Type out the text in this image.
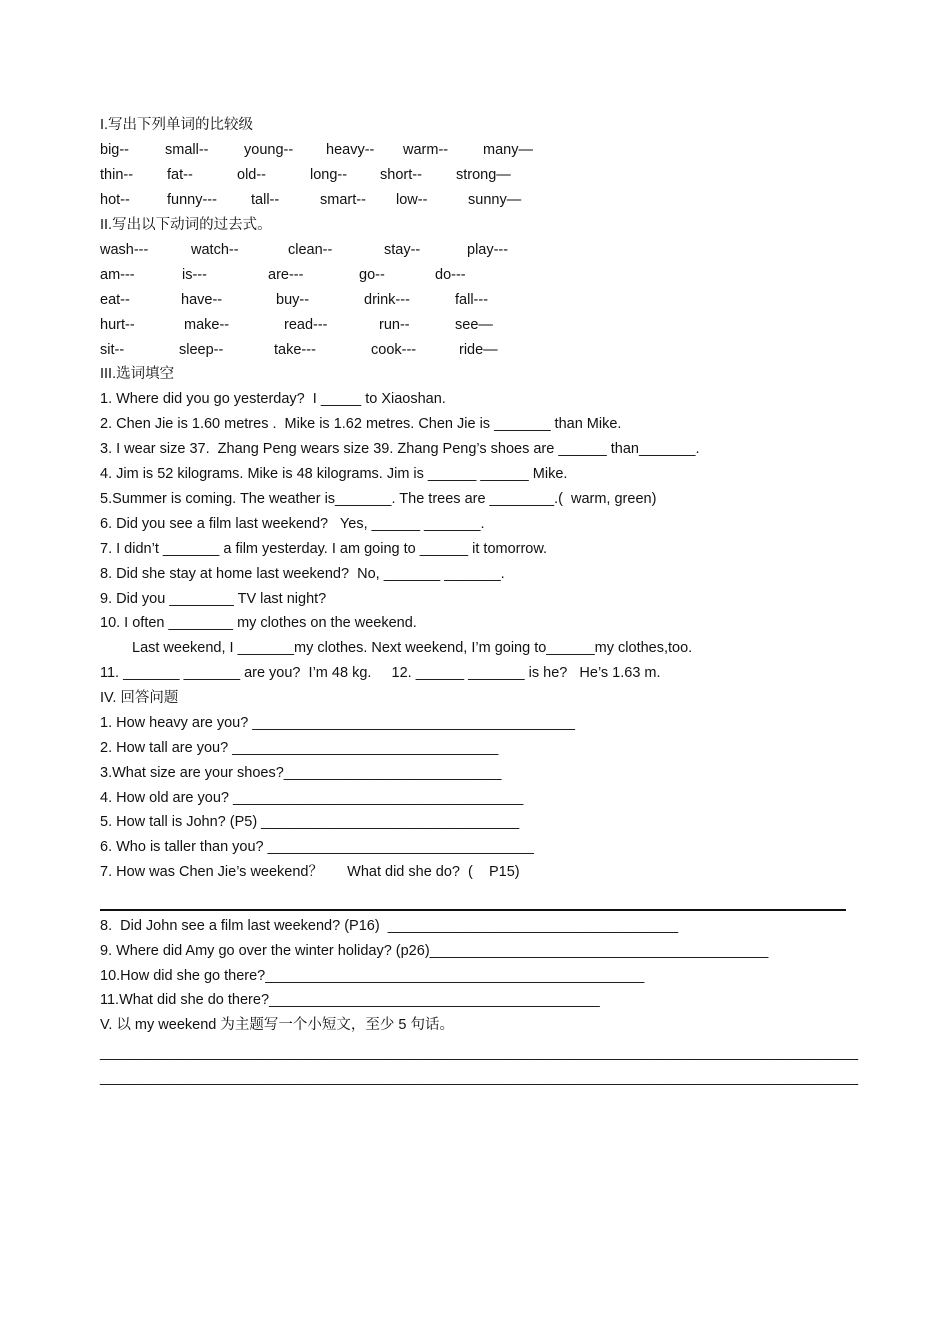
I.写出下列单词的比较级
big-- small-- young-- heavy-- warm-- many—
thin-- fat--	old--	long-- short-- strong—
hot--	funny--- tall--	smart-- low--	sunny—
II.写出以下动词的过去式。
wash---	watch--	clean--	stay--	play---
am---	is---	are---	go--	do---
eat--	have--	buy--	drink---	fall---
hurt--	make--	read---	run--	see—
sit--	sleep--	take---	cook---	ride—
III.选词填空
1. Where did you go yesterday?  I _____ to Xiaoshan.
2. Chen Jie is 1.60 metres .  Mike is 1.62 metres. Chen Jie is _______ than Mike.
3. I wear size 37.  Zhang Peng wears size 39. Zhang Peng’s shoes are ______ than_______.
4. Jim is 52 kilograms. Mike is 48 kilograms. Jim is ______ ______ Mike.
5.Summer is coming. The weather is_______. The trees are ________.(  warm, green)
6. Did you see a film last weekend?   Yes, ______ _______.
7. I didn’t _______ a film yesterday. I am going to ______ it tomorrow.
8. Did she stay at home last weekend?  No, _______ _______.
9. Did you ________ TV last night?
10. I often ________ my clothes on the weekend.
Last weekend, I _______my clothes. Next weekend, I’m going to______my clothes,too.
11. _______ _______ are you?  I’m 48 kg.     12. ______ _______ is he?   He’s 1.63 m.
IV. 回答问题
1. How heavy are you? ________________________________________
2. How tall are you? _________________________________
3.What size are your shoes?___________________________
4. How old are you? ____________________________________
5. How tall is John? (P5) ________________________________
6. Who is taller than you? _________________________________
7. How was Chen Jie’s weekend？      What did she do?  (    P15)
8.  Did John see a film last weekend? (P16)  ____________________________________
9. Where did Amy go over the winter holiday? (p26)__________________________________________
10.How did she go there?_______________________________________________
11.What did she do there?_________________________________________
V. 以 my weekend 为主题写一个小短文，至少 5 句话。
______________________________________________________________________________________________
______________________________________________________________________________________________
